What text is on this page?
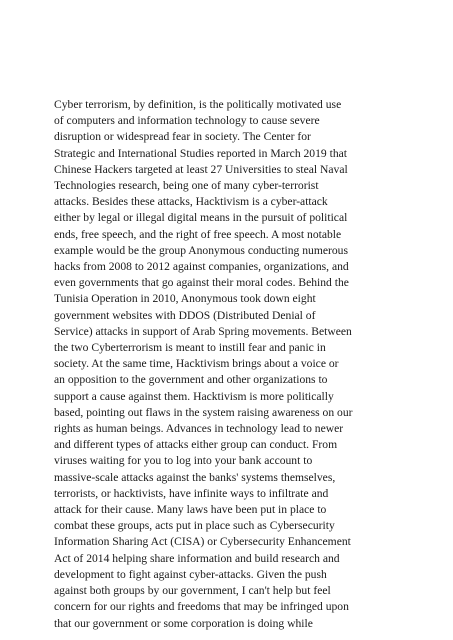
Cyber terrorism, by definition, is the politically motivated use
of computers and information technology to cause severe
disruption or widespread fear in society. The Center for
Strategic and International Studies reported in March 2019 that
Chinese Hackers targeted at least 27 Universities to steal Naval
Technologies research, being one of many cyber-terrorist
attacks. Besides these attacks, Hacktivism is a cyber-attack
either by legal or illegal digital means in the pursuit of political
ends, free speech, and the right of free speech. A most notable
example would be the group Anonymous conducting numerous
hacks from 2008 to 2012 against companies, organizations, and
even governments that go against their moral codes. Behind the
Tunisia Operation in 2010, Anonymous took down eight
government websites with DDOS (Distributed Denial of
Service) attacks in support of Arab Spring movements. Between
the two Cyberterrorism is meant to instill fear and panic in
society. At the same time, Hacktivism brings about a voice or
an opposition to the government and other organizations to
support a cause against them. Hacktivism is more politically
based, pointing out flaws in the system raising awareness on our
rights as human beings. Advances in technology lead to newer
and different types of attacks either group can conduct. From
viruses waiting for you to log into your bank account to
massive-scale attacks against the banks' systems themselves,
terrorists, or hacktivists, have infinite ways to infiltrate and
attack for their cause. Many laws have been put in place to
combat these groups, acts put in place such as Cybersecurity
Information Sharing Act (CISA) or Cybersecurity Enhancement
Act of 2014 helping share information and build research and
development to fight against cyber-attacks. Given the push
against both groups by our government, I can't help but feel
concern for our rights and freedoms that may be infringed upon
that our government or some corporation is doing while
